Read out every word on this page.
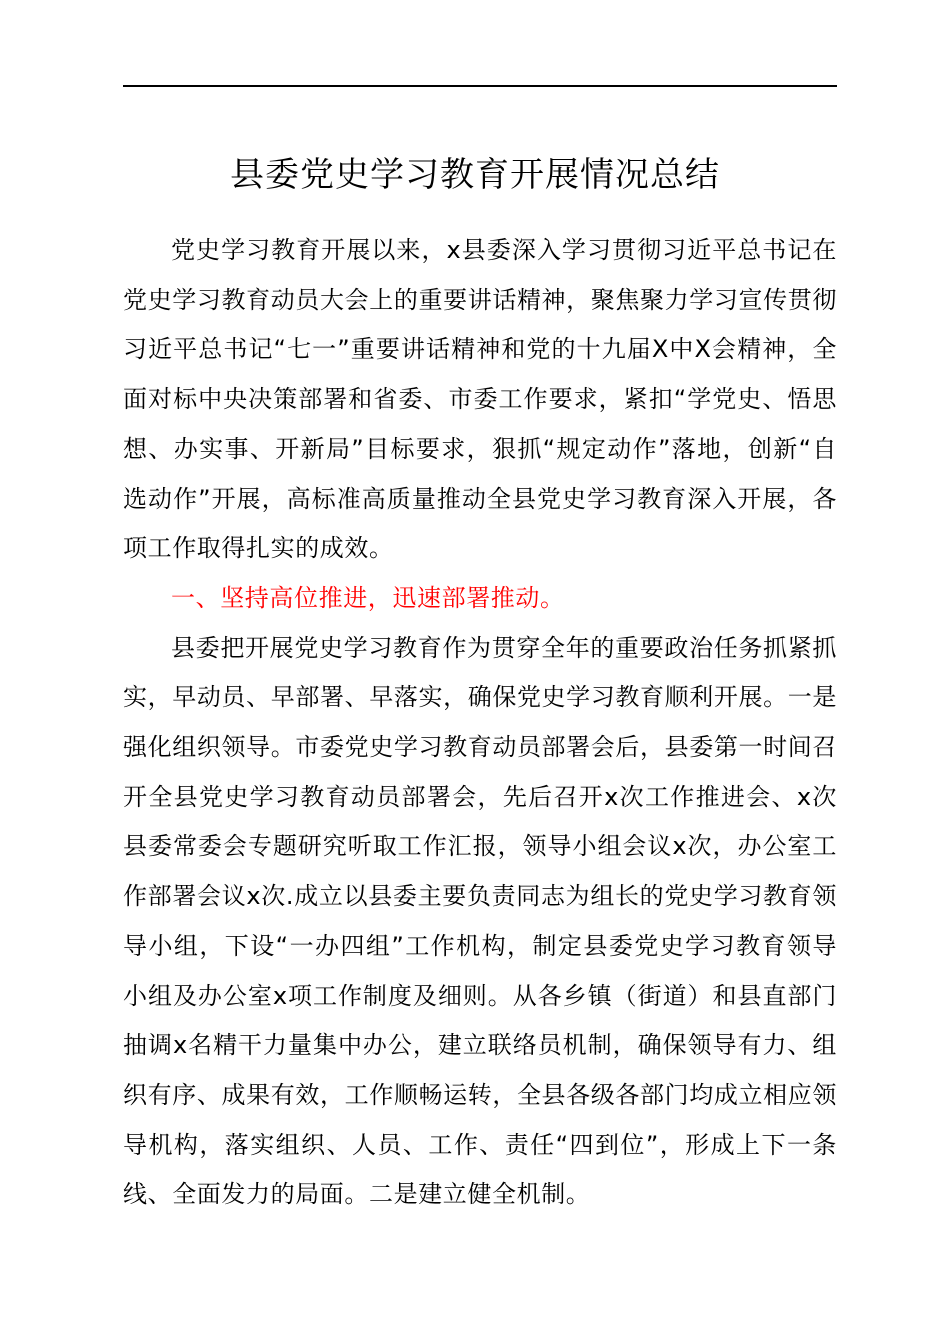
县委党史学习教育开展情况总结

党史学习教育开展以来，x县委深入学习贯彻习近平总书记在党史学习教育动员大会上的重要讲话精神，聚焦聚力学习宣传贯彻习近平总书记“七一”重要讲话精神和党的十九届X中X会精神，全面对标中央决策部署和省委、市委工作要求，紧扣“学党史、悟思想、办实事、开新局”目标要求，狠抓“规定动作”落地，创新“自选动作”开展，高标准高质量推动全县党史学习教育深入开展，各项工作取得扎实的成效。

一、坚持高位推进，迅速部署推动。

县委把开展党史学习教育作为贯穿全年的重要政治任务抓紧抓实，早动员、早部署、早落实，确保党史学习教育顺利开展。一是强化组织领导。市委党史学习教育动员部署会后，县委第一时间召开全县党史学习教育动员部署会，先后召开x次工作推进会、x次县委常委会专题研究听取工作汇报，领导小组会议x次，办公室工作部署会议x次.成立以县委主要负责同志为组长的党史学习教育领导小组，下设“一办四组”工作机构，制定县委党史学习教育领导小组及办公室x项工作制度及细则。从各乡镇（街道）和县直部门抽调x名精干力量集中办公，建立联络员机制，确保领导有力、组织有序、成果有效，工作顺畅运转，全县各级各部门均成立相应领导机构，落实组织、人员、工作、责任“四到位”，形成上下一条线、全面发力的局面。二是建立健全机制。
